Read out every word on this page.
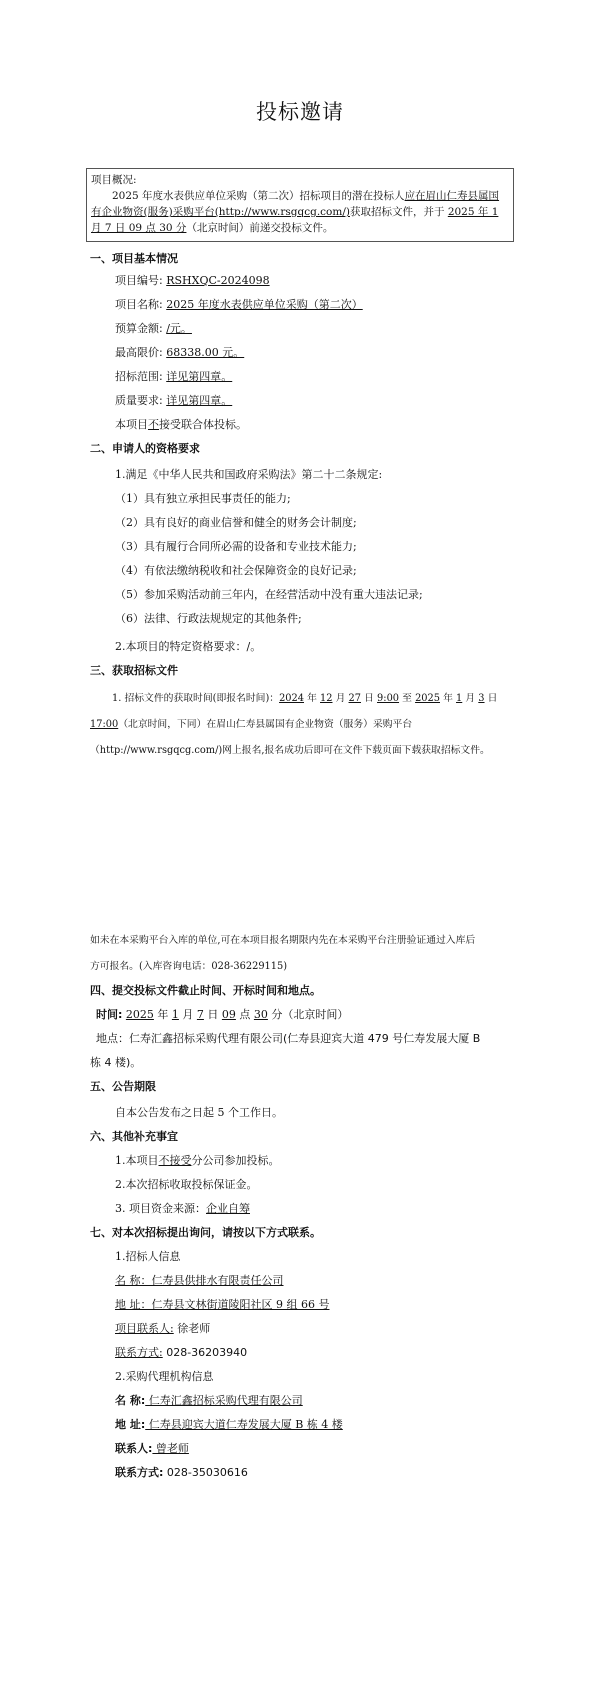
投标邀请
项目概况:
2025 年度水表供应单位采购（第二次）招标项目的潜在投标人应在眉山仁寿县属国有企业物资(服务)采购平台(http://www.rsgqcg.com/)获取招标文件，并于 2025 年 1 月 7 日 09 点 30 分（北京时间）前递交投标文件。
一、项目基本情况
项目编号: RSHXQC-2024098
项目名称: 2025 年度水表供应单位采购（第二次）
预算金额: /元。
最高限价: 68338.00 元。
招标范围: 详见第四章。
质量要求: 详见第四章。
本项目不接受联合体投标。
二、申请人的资格要求
1.满足《中华人民共和国政府采购法》第二十二条规定:
（1）具有独立承担民事责任的能力;
（2）具有良好的商业信誉和健全的财务会计制度;
（3）具有履行合同所必需的设备和专业技术能力;
（4）有依法缴纳税收和社会保障资金的良好记录;
（5）参加采购活动前三年内，在经营活动中没有重大违法记录;
（6）法律、行政法规规定的其他条件;
2.本项目的特定资格要求：/。
三、获取招标文件
1. 招标文件的获取时间(即报名时间)：2024 年 12 月 27 日 9:00 至 2025 年 1 月 3 日
17:00（北京时间，下同）在眉山仁寿县属国有企业物资（服务）采购平台
（http://www.rsgqcg.com/)网上报名,报名成功后即可在文件下载页面下载获取招标文件。
如未在本采购平台入库的单位,可在本项目报名期限内先在本采购平台注册验证通过入库后
方可报名。(入库咨询电话：028-36229115)
四、提交投标文件截止时间、开标时间和地点。
时间: 2025 年 1 月 7 日 09 点 30 分（北京时间）
地点：仁寿汇鑫招标采购代理有限公司(仁寿县迎宾大道 479 号仁寿发展大厦 B
栋 4 楼)。
五、公告期限
自本公告发布之日起 5 个工作日。
六、其他补充事宜
1.本项目不接受分公司参加投标。
2.本次招标收取投标保证金。
3. 项目资金来源：企业自筹
七、对本次招标提出询问，请按以下方式联系。
1.招标人信息
名 称：仁寿县供排水有限责任公司
地 址：仁寿县文林街道陵阳社区 9 组 66 号
项目联系人: 徐老师
联系方式: 028-36203940
2.采购代理机构信息
名 称: 仁寿汇鑫招标采购代理有限公司
地 址: 仁寿县迎宾大道仁寿发展大厦 B 栋 4 楼
联系人: 曾老师
联系方式: 028-35030616
